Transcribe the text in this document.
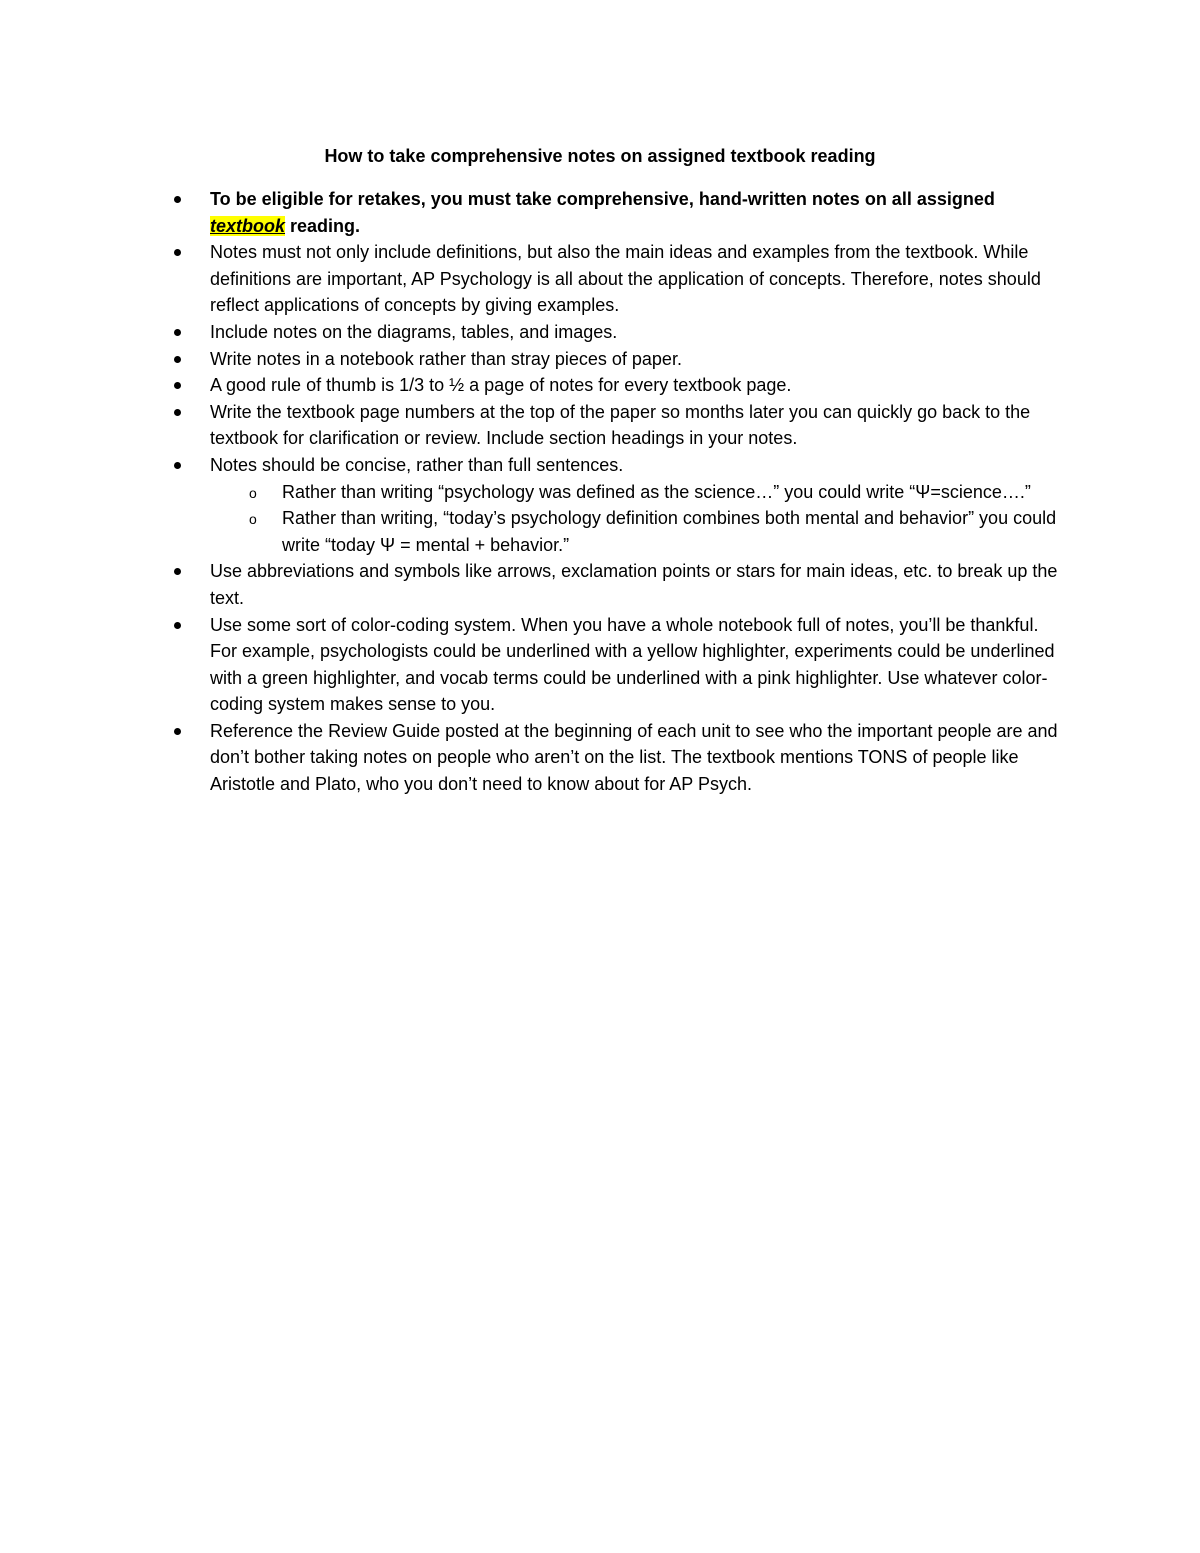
How to take comprehensive notes on assigned textbook reading
To be eligible for retakes, you must take comprehensive, hand-written notes on all assigned textbook reading.
Notes must not only include definitions, but also the main ideas and examples from the textbook. While definitions are important, AP Psychology is all about the application of concepts. Therefore, notes should reflect applications of concepts by giving examples.
Include notes on the diagrams, tables, and images.
Write notes in a notebook rather than stray pieces of paper.
A good rule of thumb is 1/3 to ½ a page of notes for every textbook page.
Write the textbook page numbers at the top of the paper so months later you can quickly go back to the textbook for clarification or review. Include section headings in your notes.
Notes should be concise, rather than full sentences.
o Rather than writing “psychology was defined as the science…” you could write “Ψ=science….”
o Rather than writing, “today’s psychology definition combines both mental and behavior” you could write “today Ψ = mental + behavior.”
Use abbreviations and symbols like arrows, exclamation points or stars for main ideas, etc. to break up the text.
Use some sort of color-coding system. When you have a whole notebook full of notes, you’ll be thankful. For example, psychologists could be underlined with a yellow highlighter, experiments could be underlined with a green highlighter, and vocab terms could be underlined with a pink highlighter. Use whatever color-coding system makes sense to you.
Reference the Review Guide posted at the beginning of each unit to see who the important people are and don’t bother taking notes on people who aren’t on the list. The textbook mentions TONS of people like Aristotle and Plato, who you don’t need to know about for AP Psych.
